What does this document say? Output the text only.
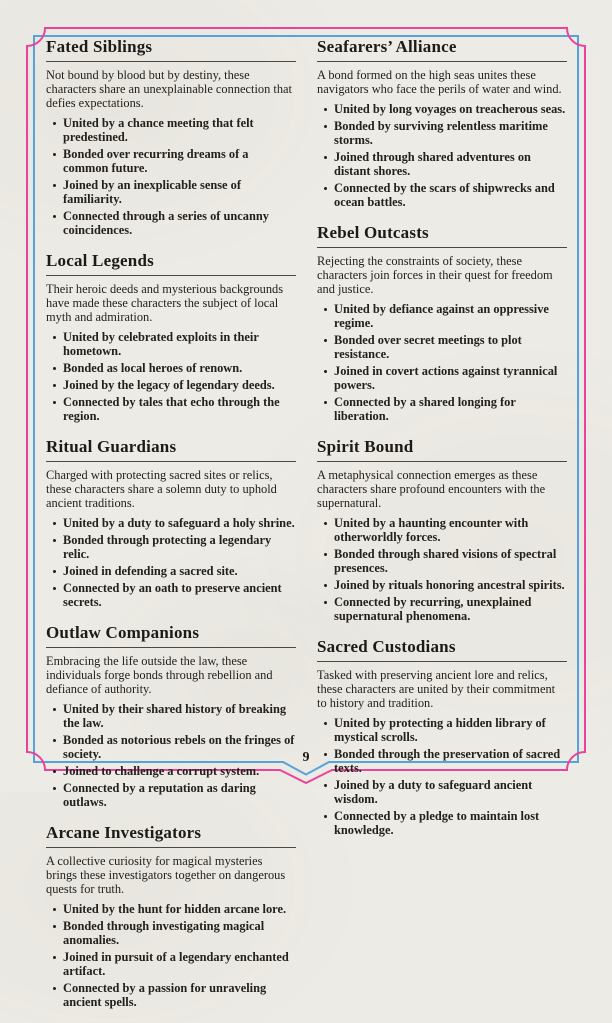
Fated Siblings

Not bound by blood but by destiny, these characters share an unexplainable connection that defies expectations.

United by a chance meeting that felt predestined.
Bonded over recurring dreams of a common future.
Joined by an inexplicable sense of familiarity.
Connected through a series of uncanny coincidences.
Local Legends

Their heroic deeds and mysterious backgrounds have made these characters the subject of local myth and admiration.

United by celebrated exploits in their hometown.
Bonded as local heroes of renown.
Joined by the legacy of legendary deeds.
Connected by tales that echo through the region.
Ritual Guardians

Charged with protecting sacred sites or relics, these characters share a solemn duty to uphold ancient traditions.

United by a duty to safeguard a holy shrine.
Bonded through protecting a legendary relic.
Joined in defending a sacred site.
Connected by an oath to preserve ancient secrets.
Outlaw Companions

Embracing the life outside the law, these individuals forge bonds through rebellion and defiance of authority.

United by their shared history of breaking the law.
Bonded as notorious rebels on the fringes of society.
Joined to challenge a corrupt system.
Connected by a reputation as daring outlaws.
Arcane Investigators

A collective curiosity for magical mysteries brings these investigators together on dangerous quests for truth.

United by the hunt for hidden arcane lore.
Bonded through investigating magical anomalies.
Joined in pursuit of a legendary enchanted artifact.
Connected by a passion for unraveling ancient spells.
Seafarers’ Alliance

A bond formed on the high seas unites these navigators who face the perils of water and wind.

United by long voyages on treacherous seas.
Bonded by surviving relentless maritime storms.
Joined through shared adventures on distant shores.
Connected by the scars of shipwrecks and ocean battles.
Rebel Outcasts

Rejecting the constraints of society, these characters join forces in their quest for freedom and justice.

United by defiance against an oppressive regime.
Bonded over secret meetings to plot resistance.
Joined in covert actions against tyrannical powers.
Connected by a shared longing for liberation.
Spirit Bound

A metaphysical connection emerges as these characters share profound encounters with the supernatural.

United by a haunting encounter with otherworldly forces.
Bonded through shared visions of spectral presences.
Joined by rituals honoring ancestral spirits.
Connected by recurring, unexplained supernatural phenomena.
Sacred Custodians

Tasked with preserving ancient lore and relics, these characters are united by their commitment to history and tradition.

United by protecting a hidden library of mystical scrolls.
Bonded through the preservation of sacred texts.
Joined by a duty to safeguard ancient wisdom.
Connected by a pledge to maintain lost knowledge.
9
